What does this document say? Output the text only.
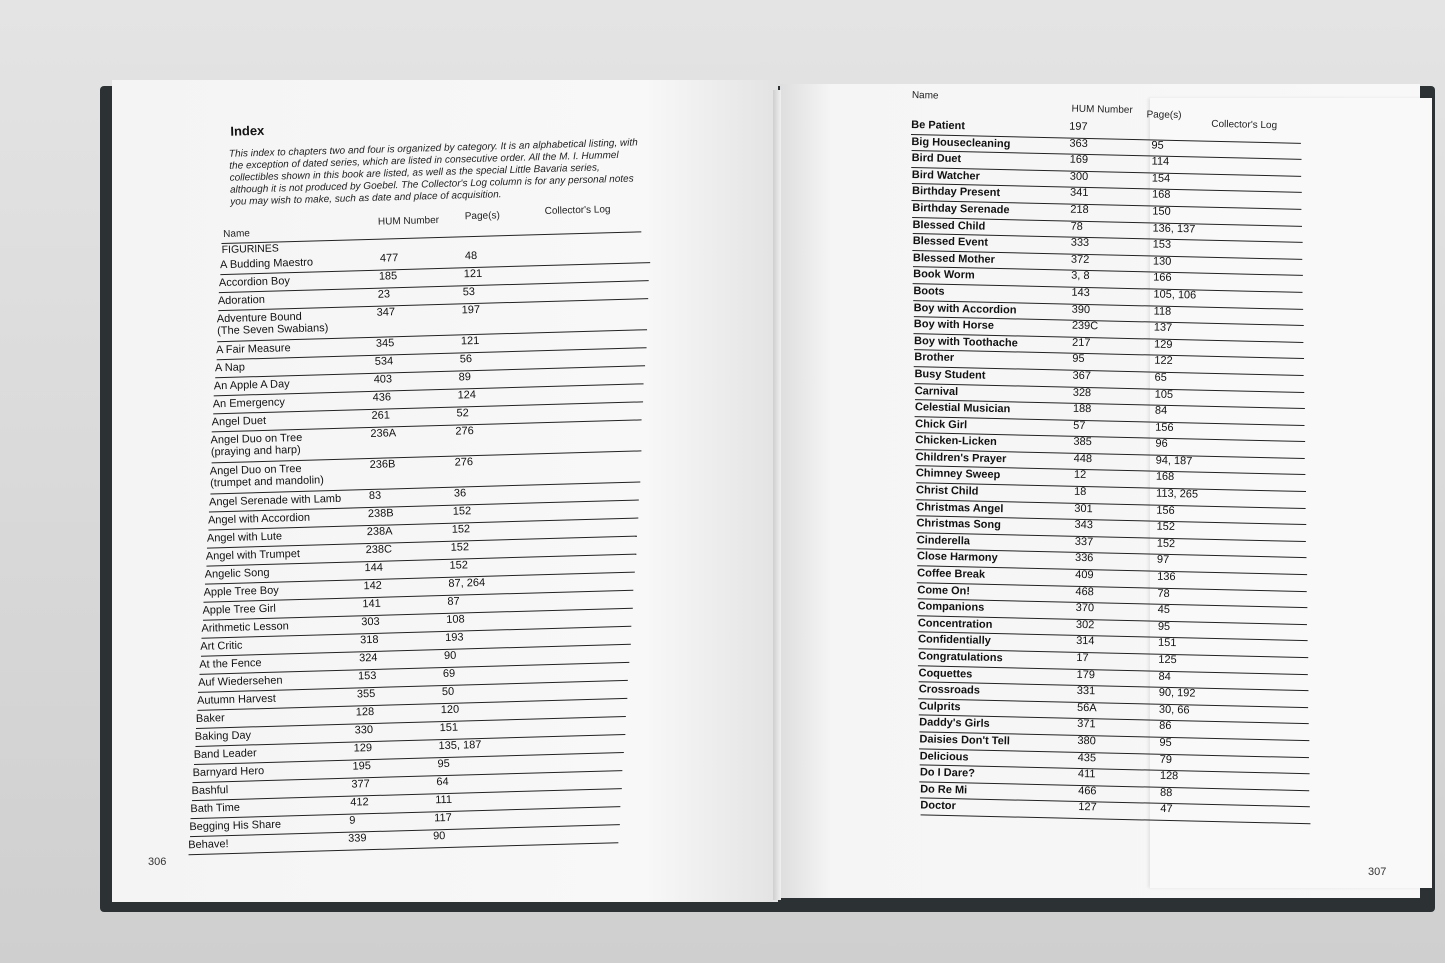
Index
This index to chapters two and four is organized by category. It is an alphabetical listing, with the exception of dated series, which are listed in consecutive order. All the M. I. Hummel collectibles shown in this book are listed, as well as the special Little Bavaria series, although it is not produced by Goebel. The Collector's Log column is for any personal notes you may wish to make, such as date and place of acquisition.
Name
HUM Number	Page(s)	Collector's Log
FIGURINES
A Budding Maestro	477	48
Accordion Boy	185	121
Adoration	23	53
Adventure Bound
(The Seven Swabians)
347	197
A Fair Measure	345	121
A Nap	534	56
An Apple A Day	403	89
An Emergency	436	124
Angel Duet	261	52
Angel Duo on Tree
(praying and harp)
236A	276
Angel Duo on Tree
(trumpet and mandolin)
236B	276
Angel Serenade with Lamb	83	36
Angel with Accordion	238B	152
Angel with Lute	238A	152
Angel with Trumpet	238C	152
Angelic Song	144	152
Apple Tree Boy	142	87, 264
Apple Tree Girl	141	87
Arithmetic Lesson	303	108
Art Critic	318	193
At the Fence	324	90
Auf Wiedersehen	153	69
Autumn Harvest	355	50
Baker	128	120
Baking Day	330	151
Band Leader	129	135, 187
Barnyard Hero	195	95
Bashful	377	64
Bath Time	412	111
Begging His Share	9	117
Behave!	339	90
Name
HUM Number Page(s)
Collector's Log
Be Patient	197
Big Housecleaning	363	95
Bird Duet	169	114
Bird Watcher	300	154
Birthday Present	341	168
Birthday Serenade	218	150
Blessed Child	78	136, 137
Blessed Event	333	153
Blessed Mother	372	130
Book Worm	3, 8	166
Boots	143	105, 106
Boy with Accordion	390	118
Boy with Horse	239C	137
Boy with Toothache	217	129
Brother	95	122
Busy Student	367	65
Carnival	328	105
Celestial Musician	188	84
Chick Girl	57	156
Chicken-Licken	385	96
Children's Prayer	448	94, 187
Chimney Sweep	12	168
Christ Child	18	113, 265
Christmas Angel	301	156
Christmas Song	343	152
Cinderella	337	152
Close Harmony	336	97
Coffee Break	409	136
Come On!	468	78
Companions	370	45
Concentration	302	95
Confidentially	314	151
Congratulations	17	125
Coquettes	179	84
Crossroads	331	90, 192
Culprits	56A	30, 66
Daddy's Girls	371	86
Daisies Don't Tell	380	95
Delicious	435	79
Do I Dare?	411	128
Do Re Mi	466	88
Doctor	127	47
306
307
